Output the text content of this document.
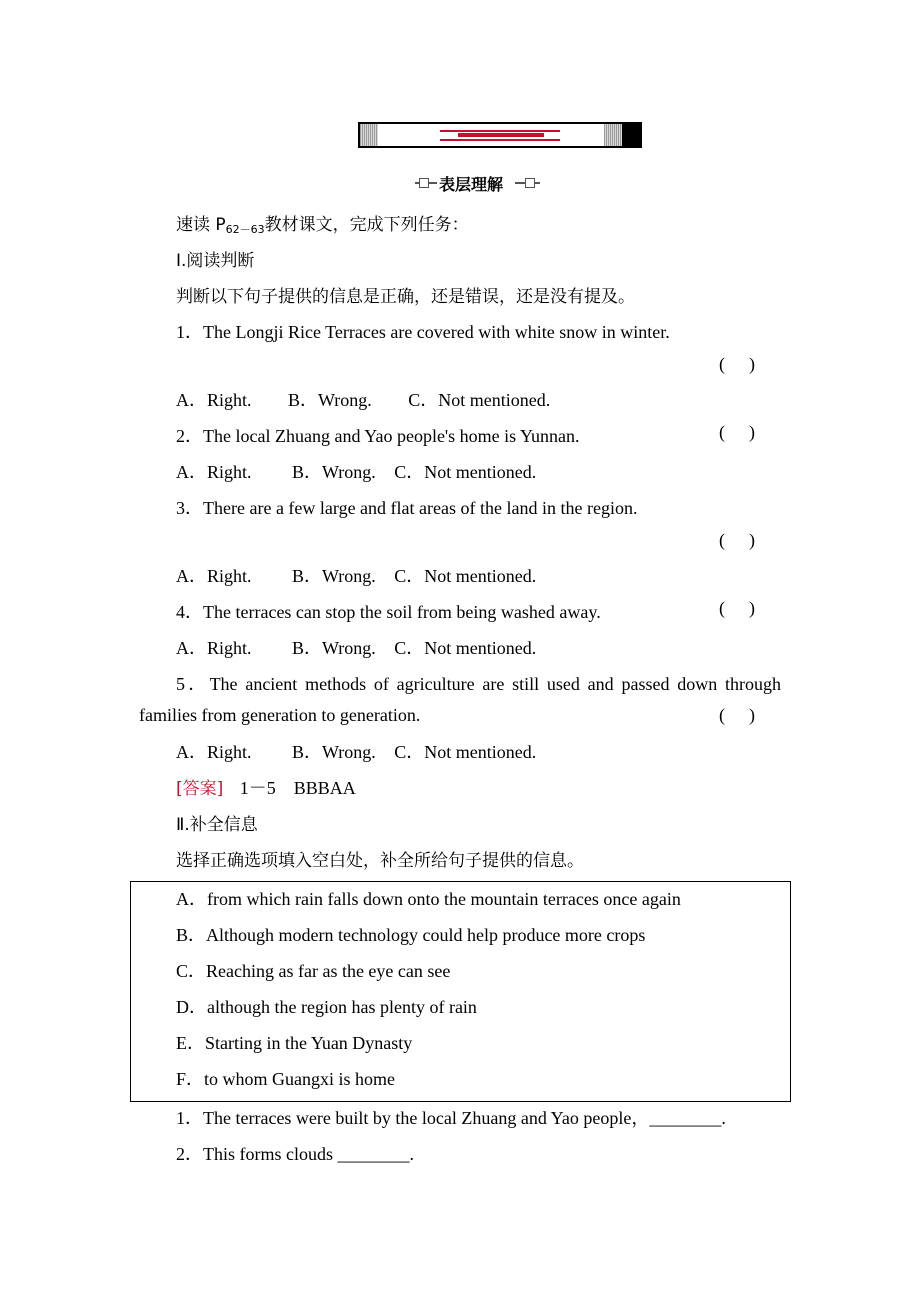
表层理解
速读 $P_{62-63}$教材课文，完成下列任务：
Ⅰ.阅读判断
判断以下句子提供的信息是正确，还是错误，还是没有提及。
1．The Longji Rice Terraces are covered with white snow in winter.
( )
A．Right. B．Wrong. C．Not mentioned.
2．The local Zhuang and Yao people's home is Yunnan.	( )
A．Right. B．Wrong. C．Not mentioned.
3．There are a few large and flat areas of the land in the region.
( )
A．Right. B．Wrong. C．Not mentioned.
4．The terraces can stop the soil from being washed away.	( )
A．Right. B．Wrong. C．Not mentioned.
5．The ancient methods of agriculture are still used and passed down through
families from generation to generation.	( )
A．Right. B．Wrong. C．Not mentioned.
[答案] 1－5　BBBAA
Ⅱ.补全信息
选择正确选项填入空白处，补全所给句子提供的信息。
A．from which rain falls down onto the mountain terraces once again
B．Although modern technology could help produce more crops
C．Reaching as far as the eye can see
D．although the region has plenty of rain
E．Starting in the Yuan Dynasty
F．to whom Guangxi is home
1．The terraces were built by the local Zhuang and Yao people，________.
2．This forms clouds ________.
